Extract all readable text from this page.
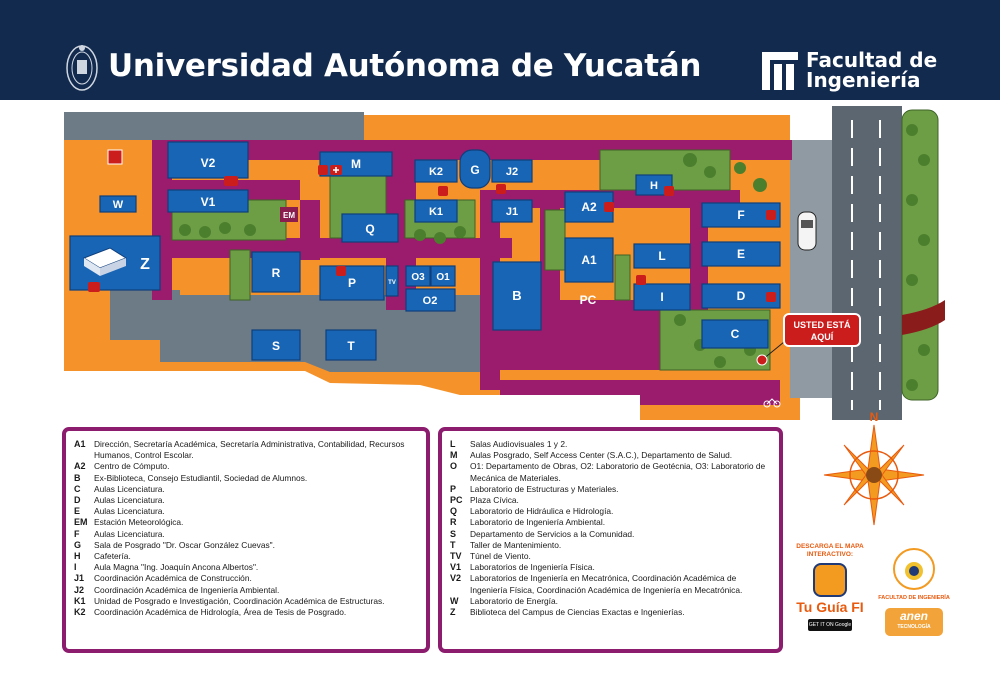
Universidad Autónoma de Yucatán	Facultad de
Ingeniería
V2
V1
W
M
EM
Q
K2 G J2
K1	J1
H
A2
F
Z	R
P	TV O3 O1
O2
A1	L	E
B	I	D
C
S	T
PC
USTED ESTÁ
AQUÍ
A1	Dirección, Secretaría Académica, Secretaría Administrativa, Contabilidad, Recursos Humanos, Control Escolar.
A2	Centro de Cómputo.
B	Ex-Biblioteca, Consejo Estudiantil, Sociedad de Alumnos.
C	Aulas Licenciatura.
D	Aulas Licenciatura.
E	Aulas Licenciatura.
EM Estación Meteorológica.
F	Aulas Licenciatura.
G	Sala de Posgrado "Dr. Oscar González Cuevas".
H	Cafetería.
I	Aula Magna "Ing. Joaquín Ancona Albertos".
J1	Coordinación Académica de Construcción.
J2	Coordinación Académica de Ingeniería Ambiental.
K1	Unidad de Posgrado e Investigación, Coordinación Académica de Estructuras.
K2	Coordinación Académica de Hidrología, Área de Tesis de Posgrado.
L	Salas Audiovisuales 1 y 2.
M	Aulas Posgrado, Self Access Center (S.A.C.), Departamento de Salud.
O	O1: Departamento de Obras, O2: Laboratorio de Geotécnia, O3: Laboratorio de Mecánica de Materiales.
P	Laboratorio de Estructuras y Materiales.
PC Plaza Cívica.
Q	Laboratorio de Hidráulica e Hidrología.
R	Laboratorio de Ingeniería Ambiental.
S	Departamento de Servicios a la Comunidad.
T	Taller de Mantenimiento.
TV	Túnel de Viento.
V1	Laboratorios de Ingeniería Física.
V2	Laboratorios de Ingeniería en Mecatrónica, Coordinación Académica de Ingeniería Física, Coordinación Académica de Ingeniería en Mecatrónica.
W	Laboratorio de Energía.
Z	Biblioteca del Campus de Ciencias Exactas e Ingenierías.
N
DESCARGA EL MAPA
INTERACTIVO:
Tu Guía FI
GET IT ON Google Play
FACULTAD DE INGENIERÍA
anen
TECNOLOGÍA
